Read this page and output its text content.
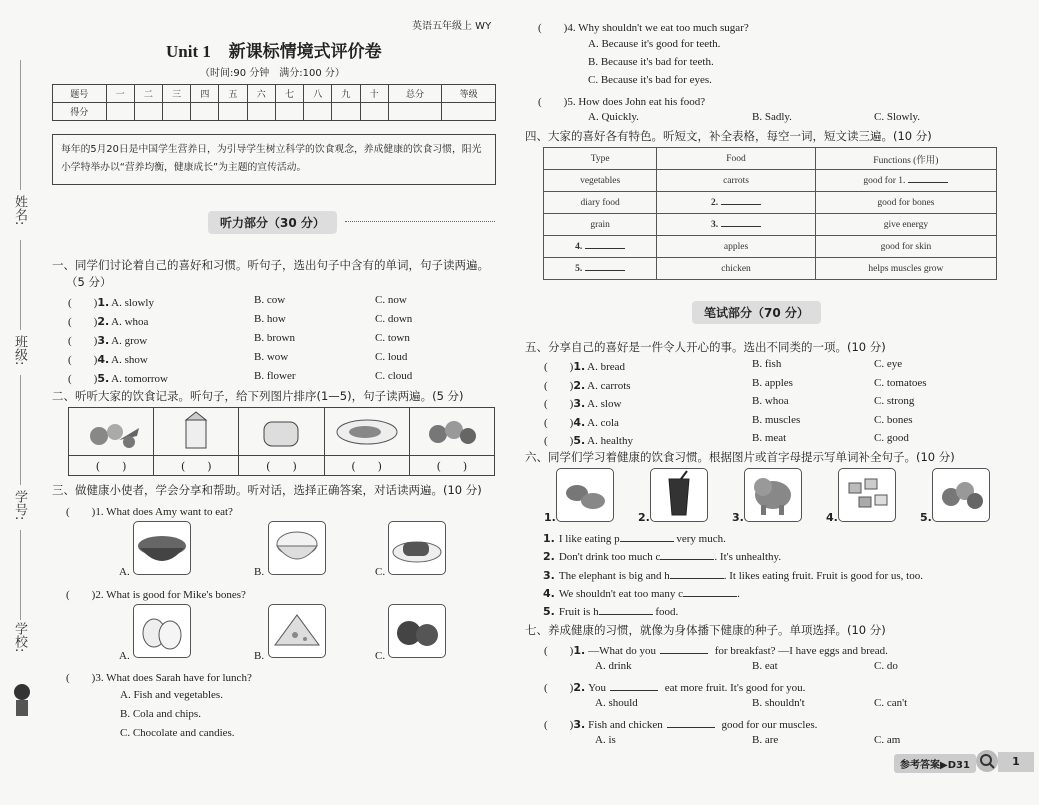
姓名:
班级:
学号:
学校:
英语五年级上 WY
Unit 1 新课标情境式评价卷
（时间:90 分钟　满分:100 分）
题号	一	二	三	四	五	六	七	八	九	十	总分	等级
得分												
每年的5月20日是中国学生营养日，为引导学生树立科学的饮食观念，养成健康的饮食习惯，阳光小学特举办以“营养均衡，健康成长”为主题的宣传活动。
听力部分（30 分）
一、同学们讨论着自己的喜好和习惯。听句子，选出句子中含有的单词，句子读两遍。
（5 分）
(　　)1. A. slowly	B. cow	C. now
(　　)2. A. whoa	B. how	C. down
(　　)3. A. grow	B. brown	C. town
(　　)4. A. show	B. wow	C. loud
(　　)5. A. tomorrow	B. flower	C. cloud
二、听听大家的饮食记录。听句子，给下列图片排序(1—5)，句子读两遍。(5 分)

(　　)	(　　)	(　　)	(　　)	(　　)
三、做健康小使者，学会分享和帮助。听对话，选择正确答案，对话读两遍。(10 分)
(　　)1. What does Amy want to eat?
A.	B.	C.
(　　)2. What is good for Mike's bones?
A.	B.	C.
(　　)3. What does Sarah have for lunch?
A. Fish and vegetables.
B. Cola and chips.
C. Chocolate and candies.
(　　)4. Why shouldn't we eat too much sugar?
A. Because it's good for teeth.
B. Because it's bad for teeth.
C. Because it's bad for eyes.
(　　)5. How does John eat his food?
A. Quickly.	B. Sadly.	C. Slowly.
四、大家的喜好各有特色。听短文，补全表格，每空一词，短文读三遍。(10 分)
Type	Food	Functions (作用)
vegetables	carrots	good for 1.
diary food	2.	good for bones
grain	3.	give energy
4.	apples	good for skin
5.	chicken	helps muscles grow
笔试部分（70 分）
五、分享自己的喜好是一件令人开心的事。选出不同类的一项。(10 分)
(　　)1. A. bread	B. fish	C. eye
(　　)2. A. carrots	B. apples	C. tomatoes
(　　)3. A. slow	B. whoa	C. strong
(　　)4. A. cola	B. muscles	C. bones
(　　)5. A. healthy	B. meat	C. good
六、同学们学习着健康的饮食习惯。根据图片或首字母提示写单词补全句子。(10 分)
1.	2.	3.	4.	5.
1. I like eating p	very much.
2. Don't drink too much c	. It's unhealthy.
3. The elephant is big and h	. It likes eating fruit. Fruit is good for us, too.
4. We shouldn't eat too many c	.
5. Fruit is h	food.
七、养成健康的习惯，就像为身体播下健康的种子。单项选择。(10 分)
(　　)1. —What do you	for breakfast? —I have eggs and bread.
A. drink	B. eat	C. do
(　　)2. You	eat more fruit. It's good for you.
A. should	B. shouldn't	C. can't
(　　)3. Fish and chicken	good for our muscles.
A. is	B. are	C. am
参考答案▶D31	1
